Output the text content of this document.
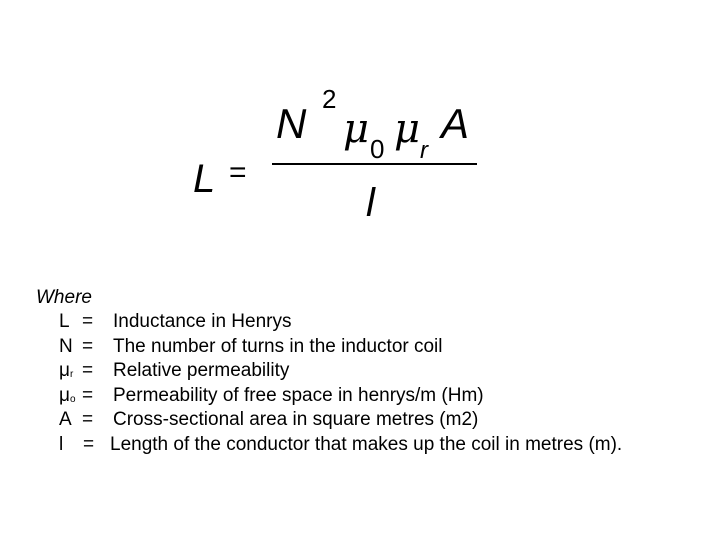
L =
N
2
μ 0 μ r
A
l
Where
L = Inductance in Henrys
N = The number of turns in the inductor coil
μr = Relative permeability
μo = Permeability of free space in henrys/m (Hm)
A = Cross-sectional area in square metres (m2)
l = Length of the conductor that makes up the coil in metres (m).
